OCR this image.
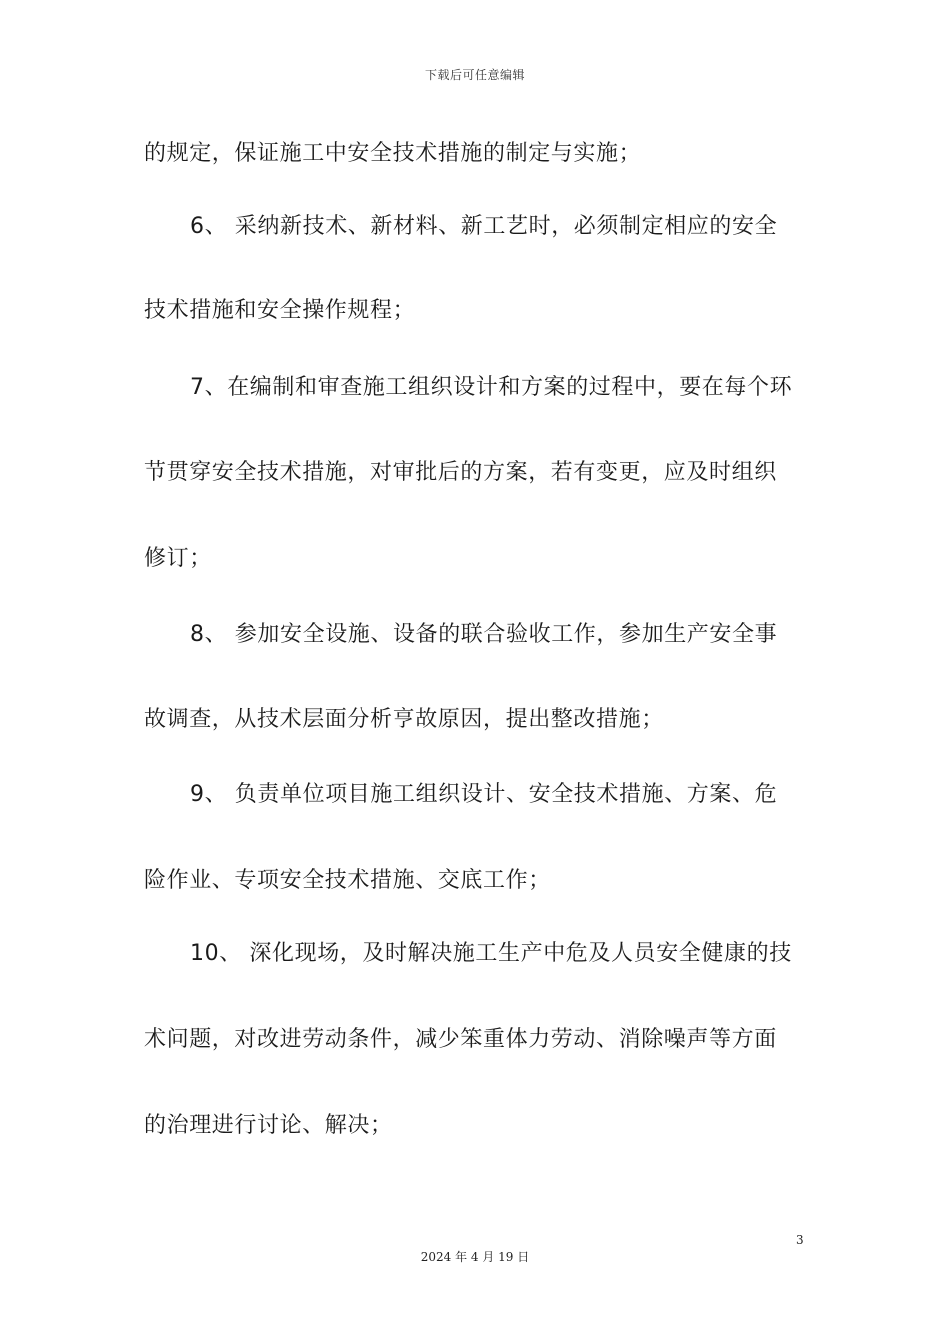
下载后可任意编辑
的规定，保证施工中安全技术措施的制定与实施；
6、 采纳新技术、新材料、新工艺时，必须制定相应的安全
技术措施和安全操作规程；
7、在编制和审查施工组织设计和方案的过程中，要在每个环
节贯穿安全技术措施，对审批后的方案，若有变更，应及时组织
修订；
8、 参加安全设施、设备的联合验收工作，参加生产安全事
故调查，从技术层面分析亨故原因，提出整改措施；
9、 负责单位项目施工组织设计、安全技术措施、方案、危
险作业、专项安全技术措施、交底工作；
10、 深化现场，及时解决施工生产中危及人员安全健康的技
术问题，对改进劳动条件，减少笨重体力劳动、消除噪声等方面
的治理进行讨论、解决；
3
2024 年 4 月 19 日
